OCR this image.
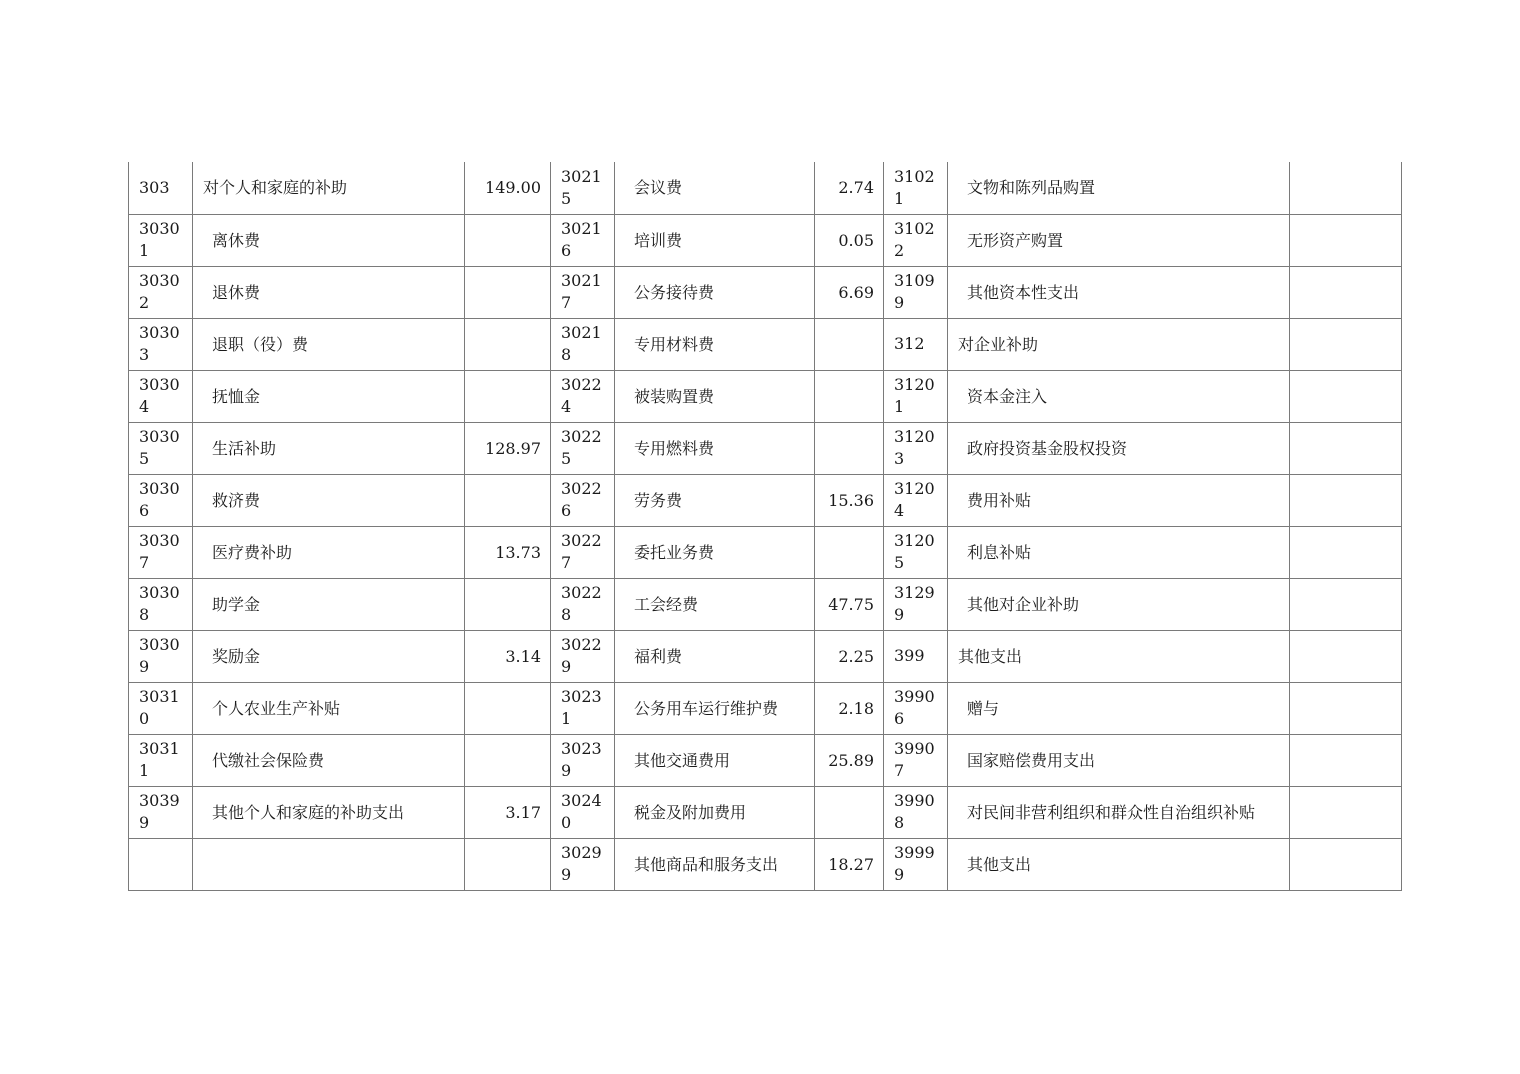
303	对个人和家庭的补助	149.00	30215	会议费	2.74	31021	文物和陈列品购置	

30301	离休费		30216	培训费	0.05	31022	无形资产购置	

30302	退休费		30217	公务接待费	6.69	31099	其他资本性支出	

30303	退职（役）费		30218	专用材料费		312	对企业补助	

30304	抚恤金		30224	被装购置费		31201	资本金注入	

30305	生活补助	128.97	30225	专用燃料费		31203	政府投资基金股权投资	

30306	救济费		30226	劳务费	15.36	31204	费用补贴	

30307	医疗费补助	13.73	30227	委托业务费		31205	利息补贴	

30308	助学金		30228	工会经费	47.75	31299	其他对企业补助	

30309	奖励金	3.14	30229	福利费	2.25	399	其他支出	

30310	个人农业生产补贴		30231	公务用车运行维护费	2.18	39906	赠与	

30311	代缴社会保险费		30239	其他交通费用	25.89	39907	国家赔偿费用支出	

30399	其他个人和家庭的补助支出	3.17	30240	税金及附加费用		39908	对民间非营利组织和群众性自治组织补贴	

			30299	其他商品和服务支出	18.27	39999	其他支出	
